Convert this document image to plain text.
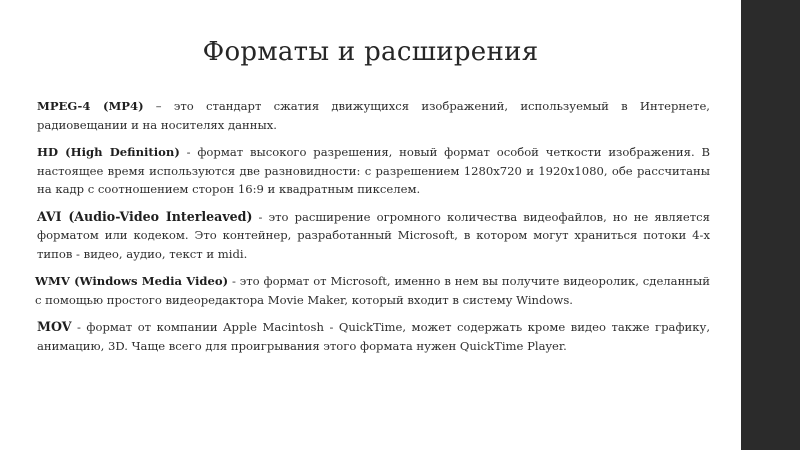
Форматы и расширения

MPEG-4 (MP4) – это стандарт сжатия движущихся изображений, используемый в Интернете, радиовещании и на носителях данных.

HD (High Definition) - формат высокого разрешения, новый формат особой четкости изображения. В настоящее время используются две разновидности: с разрешением 1280х720 и 1920х1080, обе рассчитаны на кадр с соотношением сторон 16:9 и квадратным пикселем.

AVI (Audio-Video Interleaved) - это расширение огромного количества видеофайлов, но не является форматом или кодеком. Это контейнер, разработанный Microsoft, в котором могут храниться потоки 4-х типов - видео, аудио, текст и midi.

WMV (Windows Media Video) - это формат от Microsoft, именно в нем вы получите видеоролик, сделанный с помощью простого видеоредактора Movie Maker, который входит в систему Windows.

MOV - формат от компании Apple Macintosh - QuickTime, может содержать кроме видео также графику, анимацию, 3D. Чаще всего для проигрывания этого формата нужен QuickTime Player.
